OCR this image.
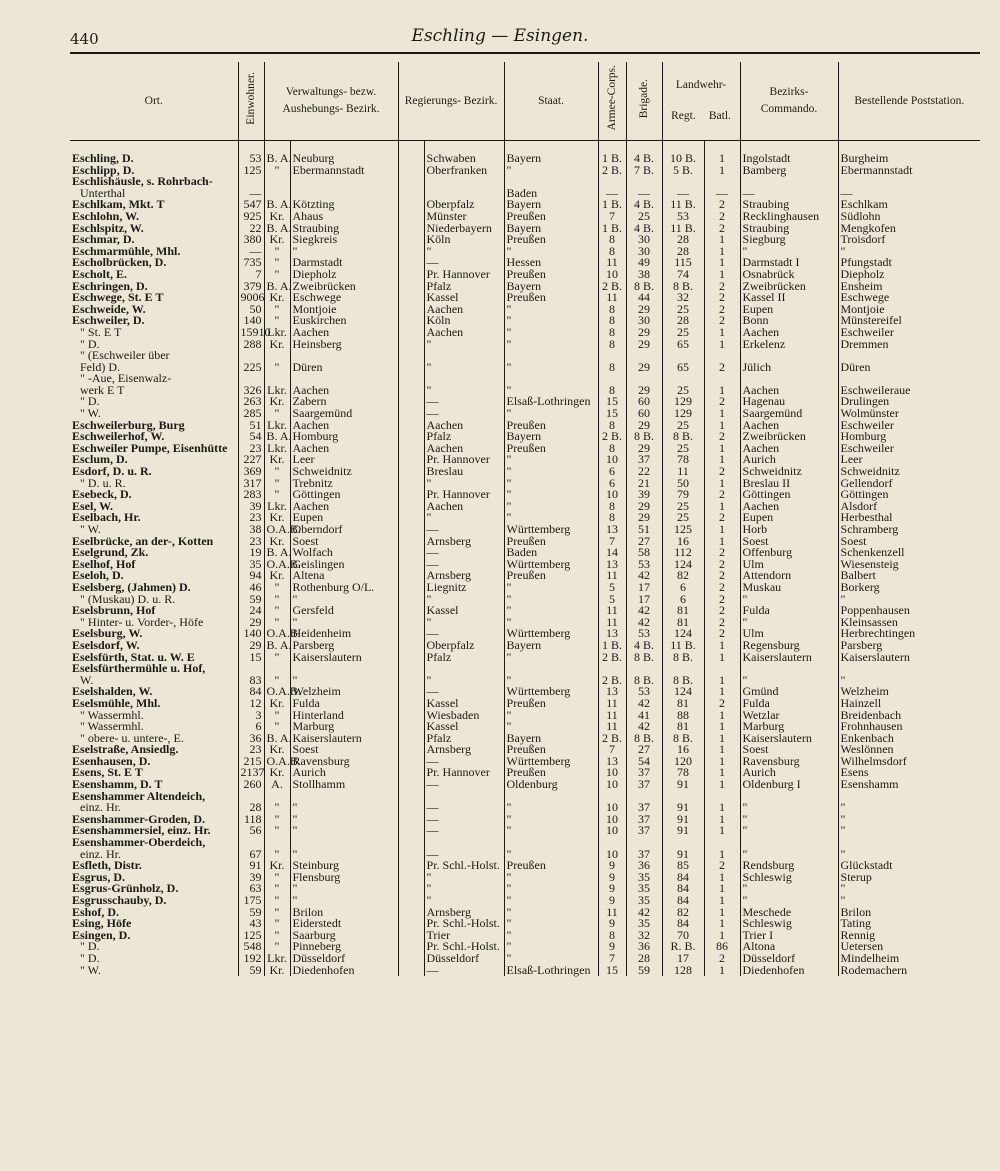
440	Eschling — Esingen.
Ort.	Einwohner.	Verwaltungs- bezw. Aushebungs- Bezirk.		Regierungs- Bezirk.		Staat.	Armee-Corps.	Brigade.	Landwehr-
Regt. Batl.		Bezirks- Commando.	Bestellende Poststation.
Eschling, D.	53	B. A.	Neuburg		Schwaben	Bayern	1 B.	4 B.	10 B.	1	Ingolstadt	Burgheim
Eschlipp, D.	125	"	Ebermannstadt		Oberfranken	"	2 B.	7 B.	5 B.	1	Bamberg	Ebermannstadt
Eschlishäusle, s. Rohrbach-												
Unterthal	—					Baden	—	—	—	—	—	—
Eschlkam, Mkt. T	547	B. A.	Kötzting		Oberpfalz	Bayern	1 B.	4 B.	11 B.	2	Straubing	Eschlkam
Eschlohn, W.	925	Kr.	Ahaus		Münster	Preußen	7	25	53	2	Recklinghausen	Südlohn
Eschlspitz, W.	22	B. A.	Straubing		Niederbayern	Bayern	1 B.	4 B.	11 B.	2	Straubing	Mengkofen
Eschmar, D.	380	Kr.	Siegkreis		Köln	Preußen	8	30	28	1	Siegburg	Troisdorf
Eschmarmühle, Mhl.	—	"	"		"	"	8	30	28	1	"	"
Escholbrücken, D.	735	"	Darmstadt		—	Hessen	11	49	115	1	Darmstadt I	Pfungstadt
Escholt, E.	7	"	Diepholz		Pr. Hannover	Preußen	10	38	74	1	Osnabrück	Diepholz
Eschringen, D.	379	B. A.	Zweibrücken		Pfalz	Bayern	2 B.	8 B.	8 B.	2	Zweibrücken	Ensheim
Eschwege, St. E T	9006	Kr.	Eschwege		Kassel	Preußen	11	44	32	2	Kassel II	Eschwege
Eschweide, W.	50	"	Montjoie		Aachen	"	8	29	25	2	Eupen	Montjoie
Eschweiler, D.	140	"	Euskirchen		Köln	"	8	30	28	2	Bonn	Münstereifel
" St. E T	15910	Lkr.	Aachen		Aachen	"	8	29	25	1	Aachen	Eschweiler
" D.	288	Kr.	Heinsberg		"	"	8	29	65	1	Erkelenz	Dremmen
" (Eschweiler über												
Feld) D.	225	"	Düren		"	"	8	29	65	2	Jülich	Düren
" -Aue, Eisenwalz-												
werk E T	326	Lkr.	Aachen		"	"	8	29	25	1	Aachen	Eschweileraue
" D.	263	Kr.	Zabern		—	Elsaß-Lothringen	15	60	129	2	Hagenau	Drulingen
" W.	285	"	Saargemünd		—	"	15	60	129	1	Saargemünd	Wolmünster
Eschweilerburg, Burg	51	Lkr.	Aachen		Aachen	Preußen	8	29	25	1	Aachen	Eschweiler
Eschweilerhof, W.	54	B. A.	Homburg		Pfalz	Bayern	2 B.	8 B.	8 B.	2	Zweibrücken	Homburg
Eschweiler Pumpe, Eisenhütte	23	Lkr.	Aachen		Aachen	Preußen	8	29	25	1	Aachen	Eschweiler
Esclum, D.	227	Kr.	Leer		Pr. Hannover	"	10	37	78	1	Aurich	Leer
Esdorf, D. u. R.	369	"	Schweidnitz		Breslau	"	6	22	11	2	Schweidnitz	Schweidnitz
" D. u. R.	317	"	Trebnitz		"	"	6	21	50	1	Breslau II	Gellendorf
Esebeck, D.	283	"	Göttingen		Pr. Hannover	"	10	39	79	2	Göttingen	Göttingen
Esel, W.	39	Lkr.	Aachen		Aachen	"	8	29	25	1	Aachen	Alsdorf
Eselbach, Hr.	23	Kr.	Eupen		"	"	8	29	25	2	Eupen	Herbesthal
" W.	38	O.A.B.	Oberndorf		—	Württemberg	13	51	125	1	Horb	Schramberg
Eselbrücke, an der-, Kotten	23	Kr.	Soest		Arnsberg	Preußen	7	27	16	1	Soest	Soest
Eselgrund, Zk.	19	B. A.	Wolfach		—	Baden	14	58	112	2	Offenburg	Schenkenzell
Eselhof, Hof	35	O.A.B.	Geislingen		—	Württemberg	13	53	124	2	Ulm	Wiesensteig
Eseloh, D.	94	Kr.	Altena		Arnsberg	Preußen	11	42	82	2	Attendorn	Balbert
Eselsberg, (Jahmen) D.	46	"	Rothenburg O/L.		Liegnitz	"	5	17	6	2	Muskau	Borkerg
" (Muskau) D. u. R.	59	"	"		"	"	5	17	6	2	"	"
Eselsbrunn, Hof	24	"	Gersfeld		Kassel	"	11	42	81	2	Fulda	Poppenhausen
" Hinter- u. Vorder-, Höfe	29	"	"		"	"	11	42	81	2	"	Kleinsassen
Eselsburg, W.	140	O.A.B.	Heidenheim		—	Württemberg	13	53	124	2	Ulm	Herbrechtingen
Eselsdorf, W.	29	B. A.	Parsberg		Oberpfalz	Bayern	1 B.	4 B.	11 B.	1	Regensburg	Parsberg
Eselsfürth, Stat. u. W. E	15	"	Kaiserslautern		Pfalz	"	2 B.	8 B.	8 B.	1	Kaiserslautern	Kaiserslautern
Eselsfürthermühle u. Hof,												
W.	83	"	"		"	"	2 B.	8 B.	8 B.	1	"	"
Eselshalden, W.	84	O.A.B.	Welzheim		—	Württemberg	13	53	124	1	Gmünd	Welzheim
Eselsmühle, Mhl.	12	Kr.	Fulda		Kassel	Preußen	11	42	81	2	Fulda	Hainzell
" Wassermhl.	3	"	Hinterland		Wiesbaden	"	11	41	88	1	Wetzlar	Breidenbach
" Wassermhl.	6	"	Marburg		Kassel	"	11	42	81	1	Marburg	Frohnhausen
" obere- u. untere-, E.	36	B. A.	Kaiserslautern		Pfalz	Bayern	2 B.	8 B.	8 B.	1	Kaiserslautern	Enkenbach
Eselstraße, Ansiedlg.	23	Kr.	Soest		Arnsberg	Preußen	7	27	16	1	Soest	Weslönnen
Esenhausen, D.	215	O.A.B.	Ravensburg		—	Württemberg	13	54	120	1	Ravensburg	Wilhelmsdorf
Esens, St. E T	2137	Kr.	Aurich		Pr. Hannover	Preußen	10	37	78	1	Aurich	Esens
Esenshamm, D. T	260	A.	Stollhamm		—	Oldenburg	10	37	91	1	Oldenburg I	Esenshamm
Esenshammer Altendeich,												
einz. Hr.	28	"	"		—	"	10	37	91	1	"	"
Esenshammer-Groden, D.	118	"	"		—	"	10	37	91	1	"	"
Esenshammersiel, einz. Hr.	56	"	"		—	"	10	37	91	1	"	"
Esenshammer-Oberdeich,												
einz. Hr.	67	"	"		—	"	10	37	91	1	"	"
Esfleth, Distr.	91	Kr.	Steinburg		Pr. Schl.-Holst.	Preußen	9	36	85	2	Rendsburg	Glückstadt
Esgrus, D.	39	"	Flensburg		"	"	9	35	84	1	Schleswig	Sterup
Esgrus-Grünholz, D.	63	"	"		"	"	9	35	84	1	"	"
Esgrusschauby, D.	175	"	"		"	"	9	35	84	1	"	"
Eshof, D.	59	"	Brilon		Arnsberg	"	11	42	82	1	Meschede	Brilon
Esing, Höfe	43	"	Eiderstedt		Pr. Schl.-Holst.	"	9	35	84	1	Schleswig	Tating
Esingen, D.	125	"	Saarburg		Trier	"	8	32	70	1	Trier I	Rennig
" D.	548	"	Pinneberg		Pr. Schl.-Holst.	"	9	36	R. B.	86	Altona	Uetersen
" D.	192	Lkr.	Düsseldorf		Düsseldorf	"	7	28	17	2	Düsseldorf	Mindelheim
" W.	59	Kr.	Diedenhofen		—	Elsaß-Lothringen	15	59	128	1	Diedenhofen	Rodemachern
